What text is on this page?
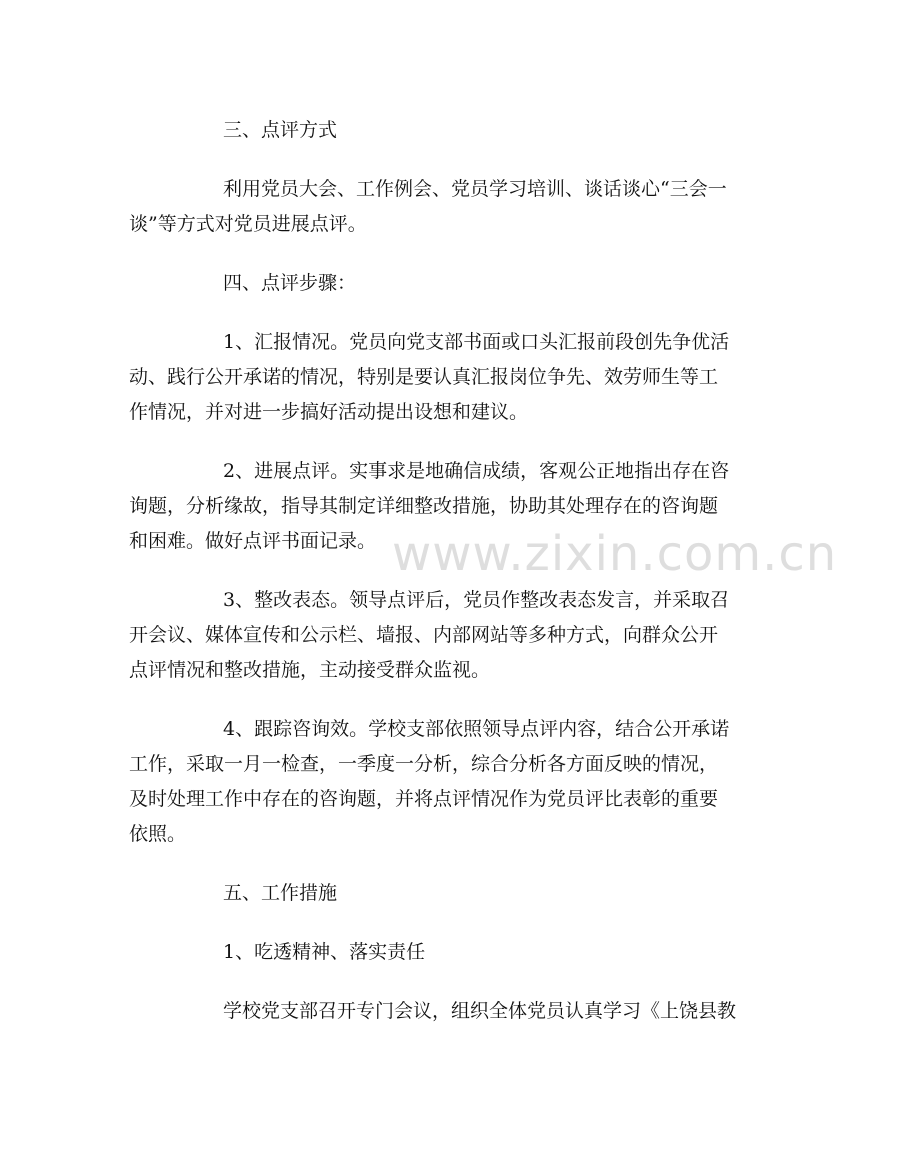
三、点评方式

利用党员大会、工作例会、党员学习培训、谈话谈心“三会一

谈”等方式对党员进展点评。

四、点评步骤：

1、汇报情况。党员向党支部书面或口头汇报前段创先争优活

动、践行公开承诺的情况，特别是要认真汇报岗位争先、效劳师生等工

作情况，并对进一步搞好活动提出设想和建议。

2、进展点评。实事求是地确信成绩，客观公正地指出存在咨

询题，分析缘故，指导其制定详细整改措施，协助其处理存在的咨询题

和困难。做好点评书面记录。

3、整改表态。领导点评后，党员作整改表态发言，并采取召

开会议、媒体宣传和公示栏、墙报、内部网站等多种方式，向群众公开

点评情况和整改措施，主动接受群众监视。

4、跟踪咨询效。学校支部依照领导点评内容，结合公开承诺

工作，采取一月一检查，一季度一分析，综合分析各方面反映的情况，

及时处理工作中存在的咨询题，并将点评情况作为党员评比表彰的重要

依照。

五、工作措施

1、吃透精神、落实责任

学校党支部召开专门会议，组织全体党员认真学习《上饶县教

www.zixin.com.cn
